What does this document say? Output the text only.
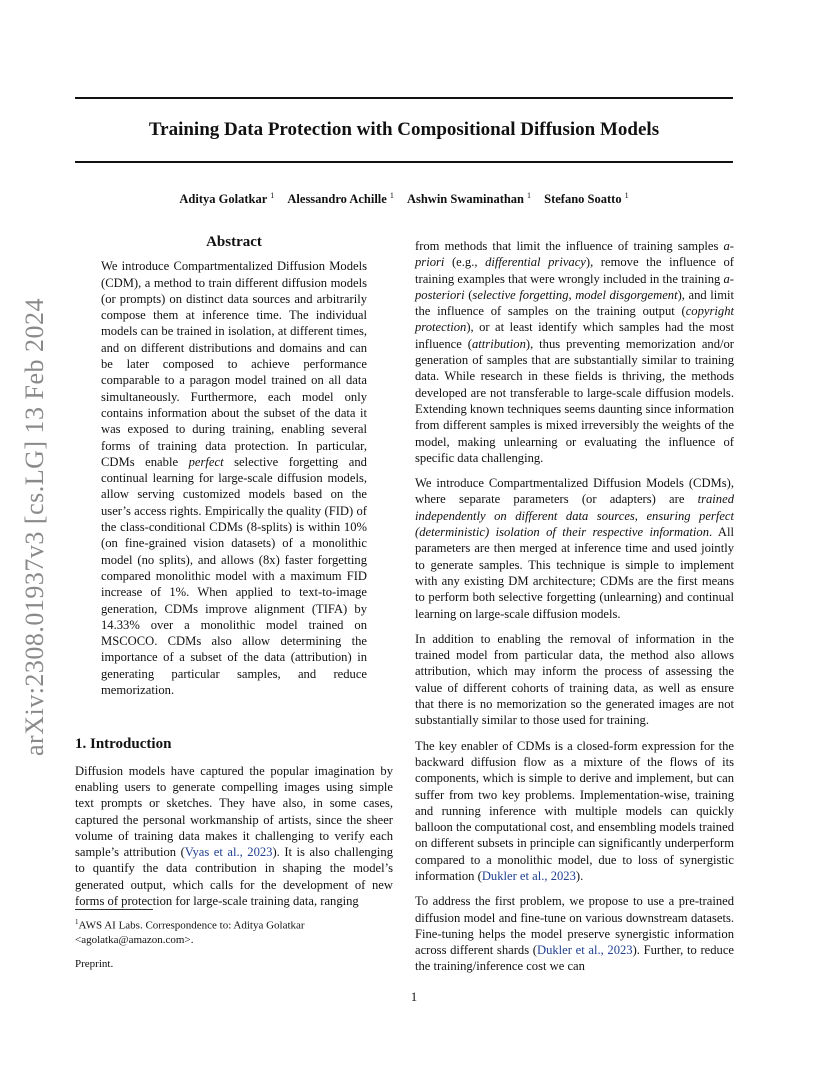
Training Data Protection with Compositional Diffusion Models
Aditya Golatkar $^1$ Alessandro Achille $^1$ Ashwin Swaminathan $^1$ Stefano Soatto $^1$
arXiv:2308.01937v3 [cs.LG] 13 Feb 2024
Abstract

We introduce Compartmentalized Diffusion Models (CDM), a method to train different diffusion models (or prompts) on distinct data sources and arbitrarily compose them at inference time. The individual models can be trained in isolation, at different times, and on different distributions and domains and can be later composed to achieve performance comparable to a paragon model trained on all data simultaneously. Furthermore, each model only contains information about the subset of the data it was exposed to during training, enabling several forms of training data protection. In particular, CDMs enable perfect selective forgetting and continual learning for large-scale diffusion models, allow serving customized models based on the user’s access rights. Empirically the quality (FID) of the class-conditional CDMs (8-splits) is within 10% (on fine-grained vision datasets) of a monolithic model (no splits), and allows (8x) faster forgetting compared monolithic model with a maximum FID increase of 1%. When applied to text-to-image generation, CDMs improve alignment (TIFA) by 14.33% over a monolithic model trained on MSCOCO. CDMs also allow determining the importance of a subset of the data (attribution) in generating particular samples, and reduce memorization.

1. Introduction

Diffusion models have captured the popular imagination by enabling users to generate compelling images using simple text prompts or sketches. They have also, in some cases, captured the personal workmanship of artists, since the sheer volume of training data makes it challenging to verify each sample’s attribution (Vyas et al., 2023). It is also challenging to quantify the data contribution in shaping the model’s generated output, which calls for the development of new forms of protection for large-scale training data, ranging

from methods that limit the influence of training samples a-priori (e.g., differential privacy), remove the influence of training examples that were wrongly included in the training a-posteriori (selective forgetting, model disgorgement), and limit the influence of samples on the training output (copyright protection), or at least identify which samples had the most influence (attribution), thus preventing memorization and/or generation of samples that are substantially similar to training data. While research in these fields is thriving, the methods developed are not transferable to large-scale diffusion models. Extending known techniques seems daunting since information from different samples is mixed irreversibly the weights of the model, making unlearning or evaluating the influence of specific data challenging.

We introduce Compartmentalized Diffusion Models (CDMs), where separate parameters (or adapters) are trained independently on different data sources, ensuring perfect (deterministic) isolation of their respective information. All parameters are then merged at inference time and used jointly to generate samples. This technique is simple to implement with any existing DM architecture; CDMs are the first means to perform both selective forgetting (unlearning) and continual learning on large-scale diffusion models.

In addition to enabling the removal of information in the trained model from particular data, the method also allows attribution, which may inform the process of assessing the value of different cohorts of training data, as well as ensure that there is no memorization so the generated images are not substantially similar to those used for training.

The key enabler of CDMs is a closed-form expression for the backward diffusion flow as a mixture of the flows of its components, which is simple to derive and implement, but can suffer from two key problems. Implementation-wise, training and running inference with multiple models can quickly balloon the computational cost, and ensembling models trained on different subsets in principle can significantly underperform compared to a monolithic model, due to loss of synergistic information (Dukler et al., 2023).

To address the first problem, we propose to use a pre-trained diffusion model and fine-tune on various downstream datasets. Fine-tuning helps the model preserve synergistic information across different shards (Dukler et al., 2023). Further, to reduce the training/inference cost we can

$^1$AWS AI Labs. Correspondence to: Aditya Golatkar <agolatka@amazon.com>.
Preprint.
1
